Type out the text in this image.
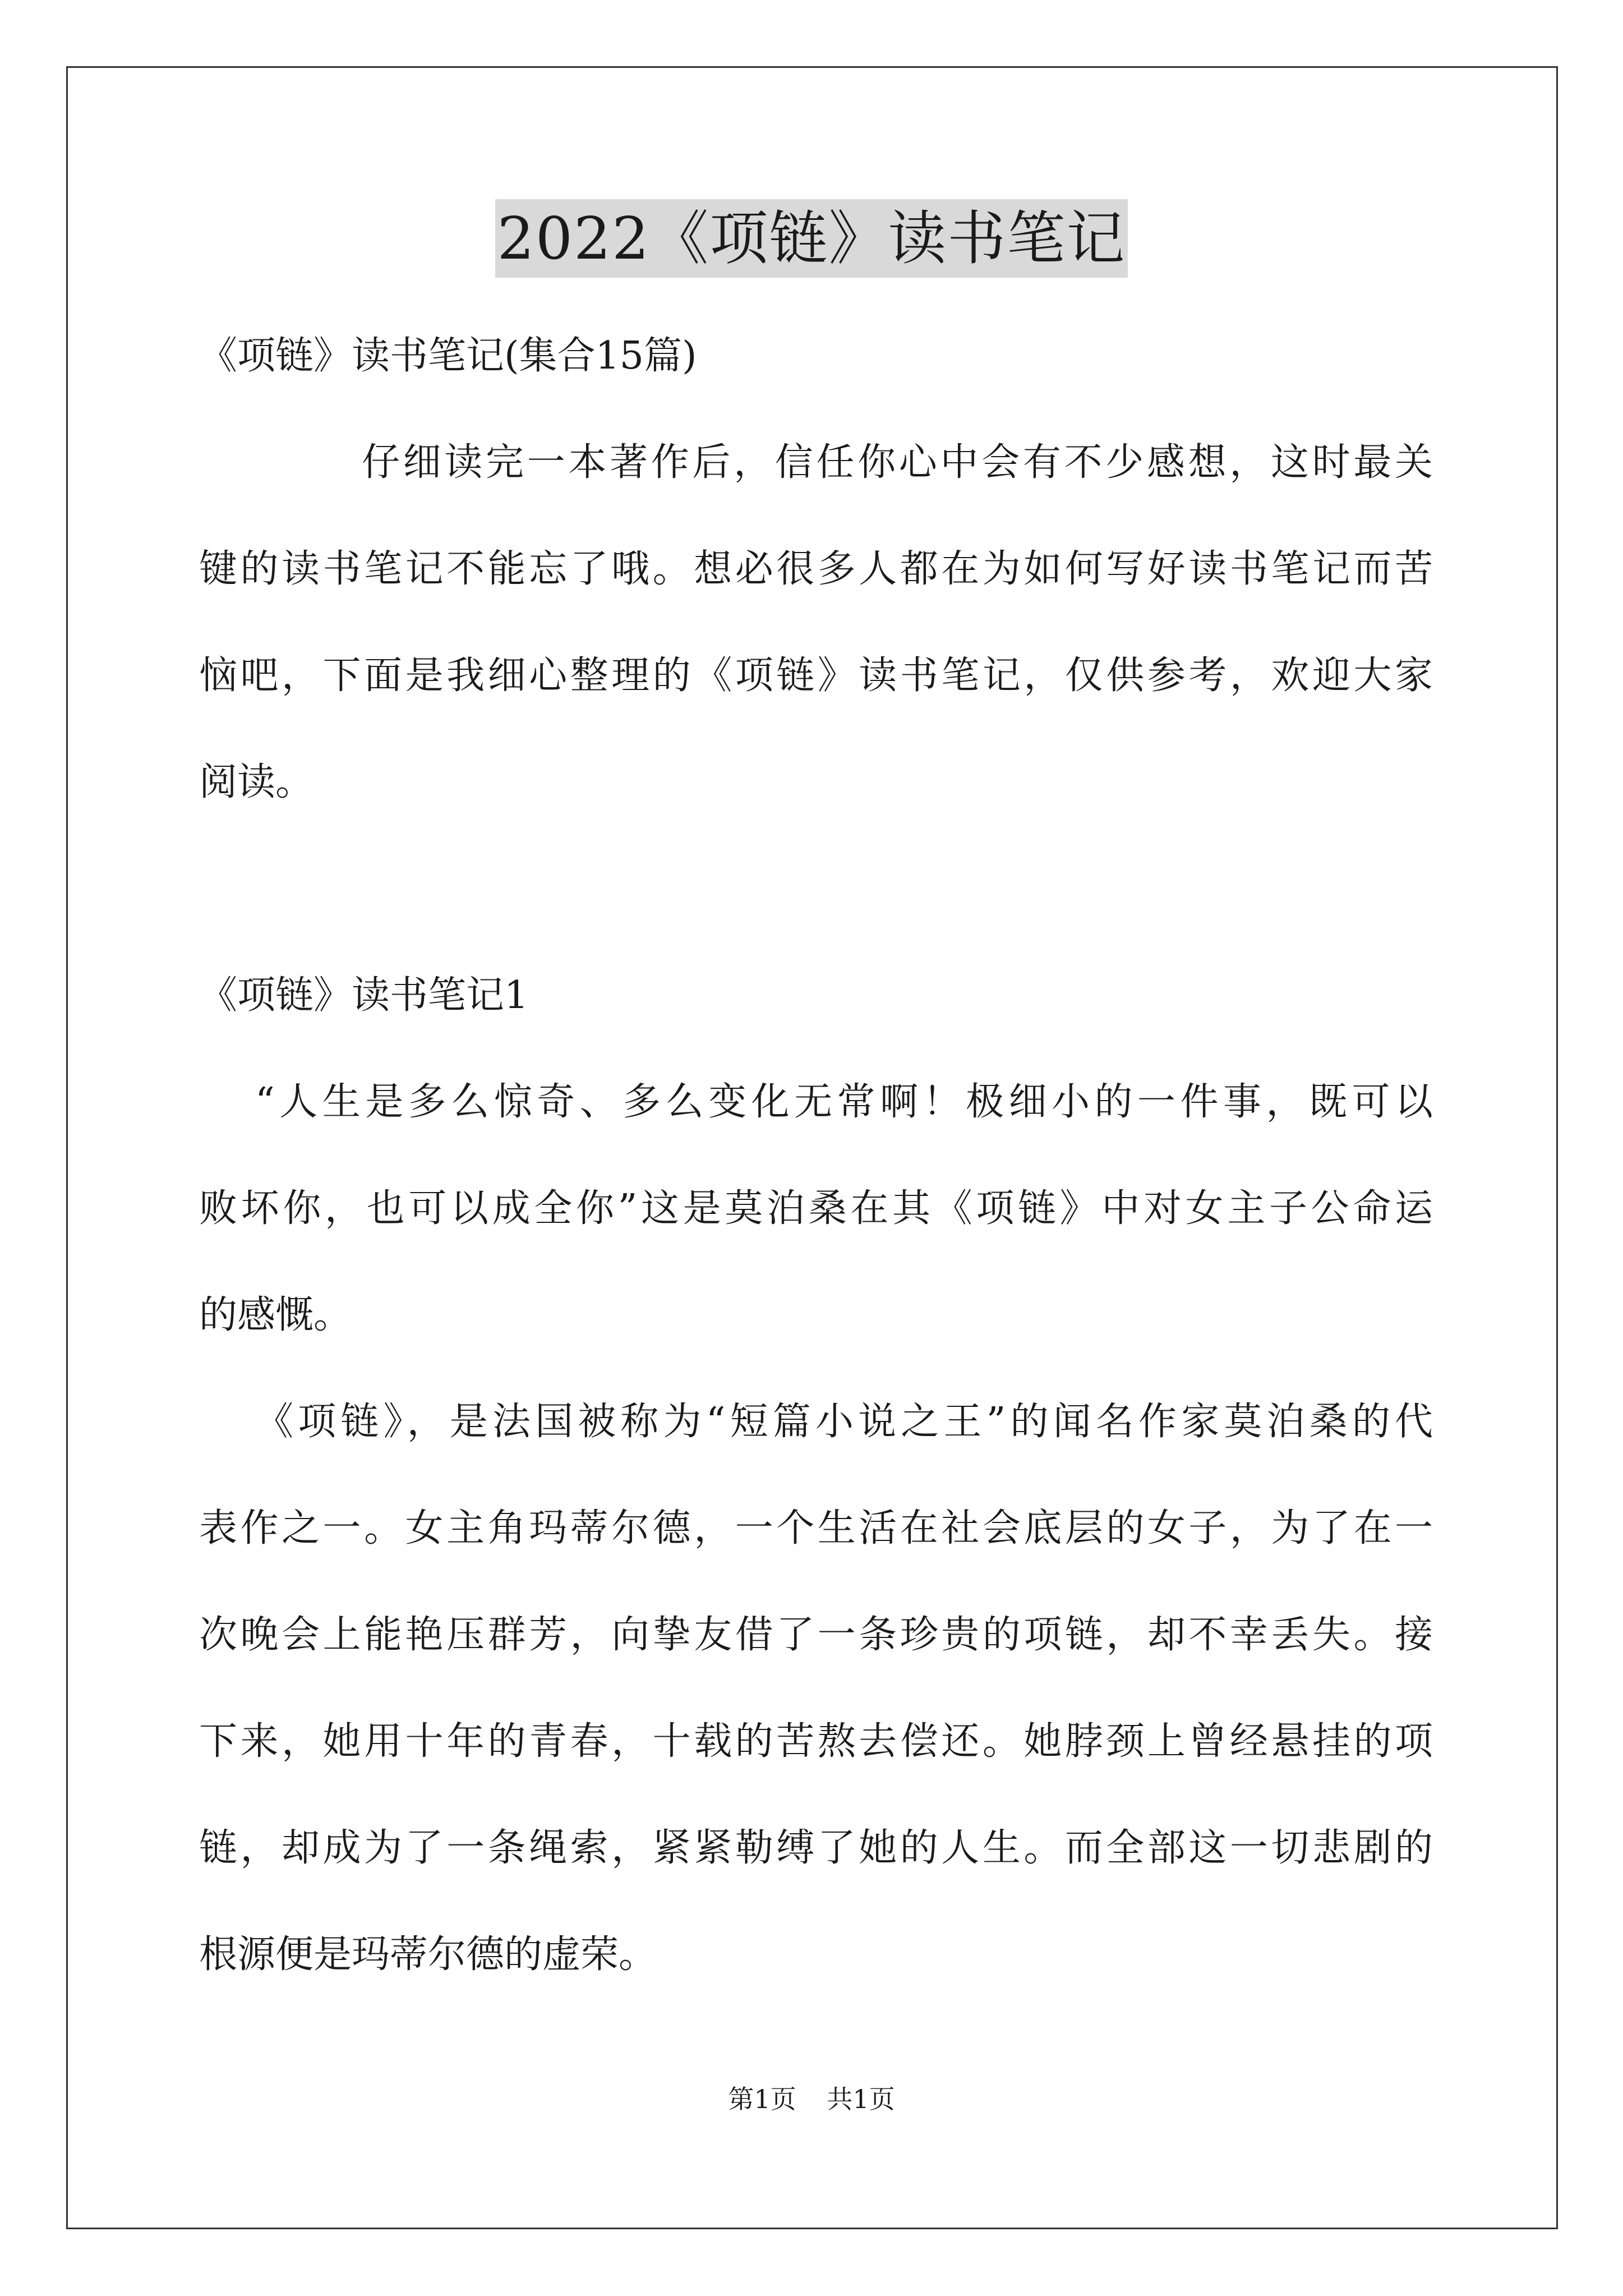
2022《项链》读书笔记
《项链》读书笔记(集合15篇)
仔细读完一本著作后，信任你心中会有不少感想，这时最关
键的读书笔记不能忘了哦。想必很多人都在为如何写好读书笔记而苦
恼吧，下面是我细心整理的《项链》读书笔记，仅供参考，欢迎大家
阅读。
《项链》读书笔记1
“人生是多么惊奇、多么变化无常啊！极细小的一件事，既可以
败坏你，也可以成全你”这是莫泊桑在其《项链》中对女主子公命运
的感慨。
《项链》，是法国被称为“短篇小说之王”的闻名作家莫泊桑的代
表作之一。女主角玛蒂尔德，一个生活在社会底层的女子，为了在一
次晚会上能艳压群芳，向挚友借了一条珍贵的项链，却不幸丢失。接
下来，她用十年的青春，十载的苦熬去偿还。她脖颈上曾经悬挂的项
链，却成为了一条绳索，紧紧勒缚了她的人生。而全部这一切悲剧的
根源便是玛蒂尔德的虚荣。
第1页 共1页
